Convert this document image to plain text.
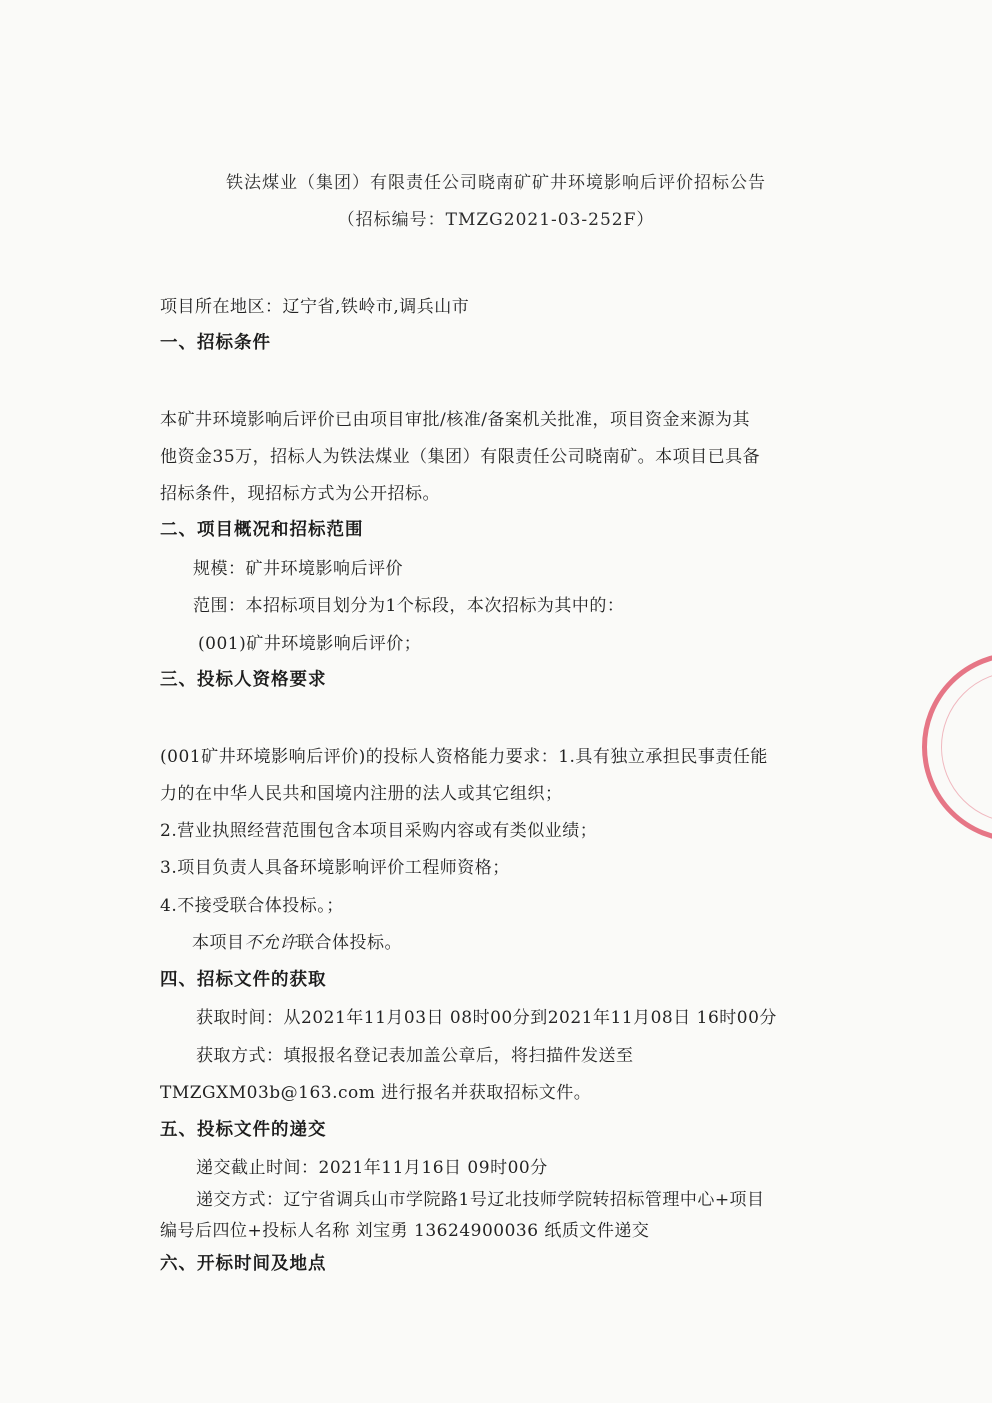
铁法煤业（集团）有限责任公司晓南矿矿井环境影响后评价招标公告
（招标编号：TMZG2021-03-252F）
项目所在地区：辽宁省,铁岭市,调兵山市
一、招标条件
本矿井环境影响后评价已由项目审批/核准/备案机关批准，项目资金来源为其
他资金35万，招标人为铁法煤业（集团）有限责任公司晓南矿。本项目已具备
招标条件，现招标方式为公开招标。
二、项目概况和招标范围
规模：矿井环境影响后评价
范围：本招标项目划分为1个标段，本次招标为其中的：
(001)矿井环境影响后评价；
三、投标人资格要求
(001矿井环境影响后评价)的投标人资格能力要求：1.具有独立承担民事责任能
力的在中华人民共和国境内注册的法人或其它组织；
2.营业执照经营范围包含本项目采购内容或有类似业绩；
3.项目负责人具备环境影响评价工程师资格；
4.不接受联合体投标。；
本项目不允许联合体投标。
四、招标文件的获取
获取时间：从2021年11月03日 08时00分到2021年11月08日 16时00分
获取方式：填报报名登记表加盖公章后，将扫描件发送至
TMZGXM03b@163.com 进行报名并获取招标文件。
五、投标文件的递交
递交截止时间：2021年11月16日 09时00分
递交方式：辽宁省调兵山市学院路1号辽北技师学院转招标管理中心+项目
编号后四位+投标人名称 刘宝勇 13624900036 纸质文件递交
六、开标时间及地点
